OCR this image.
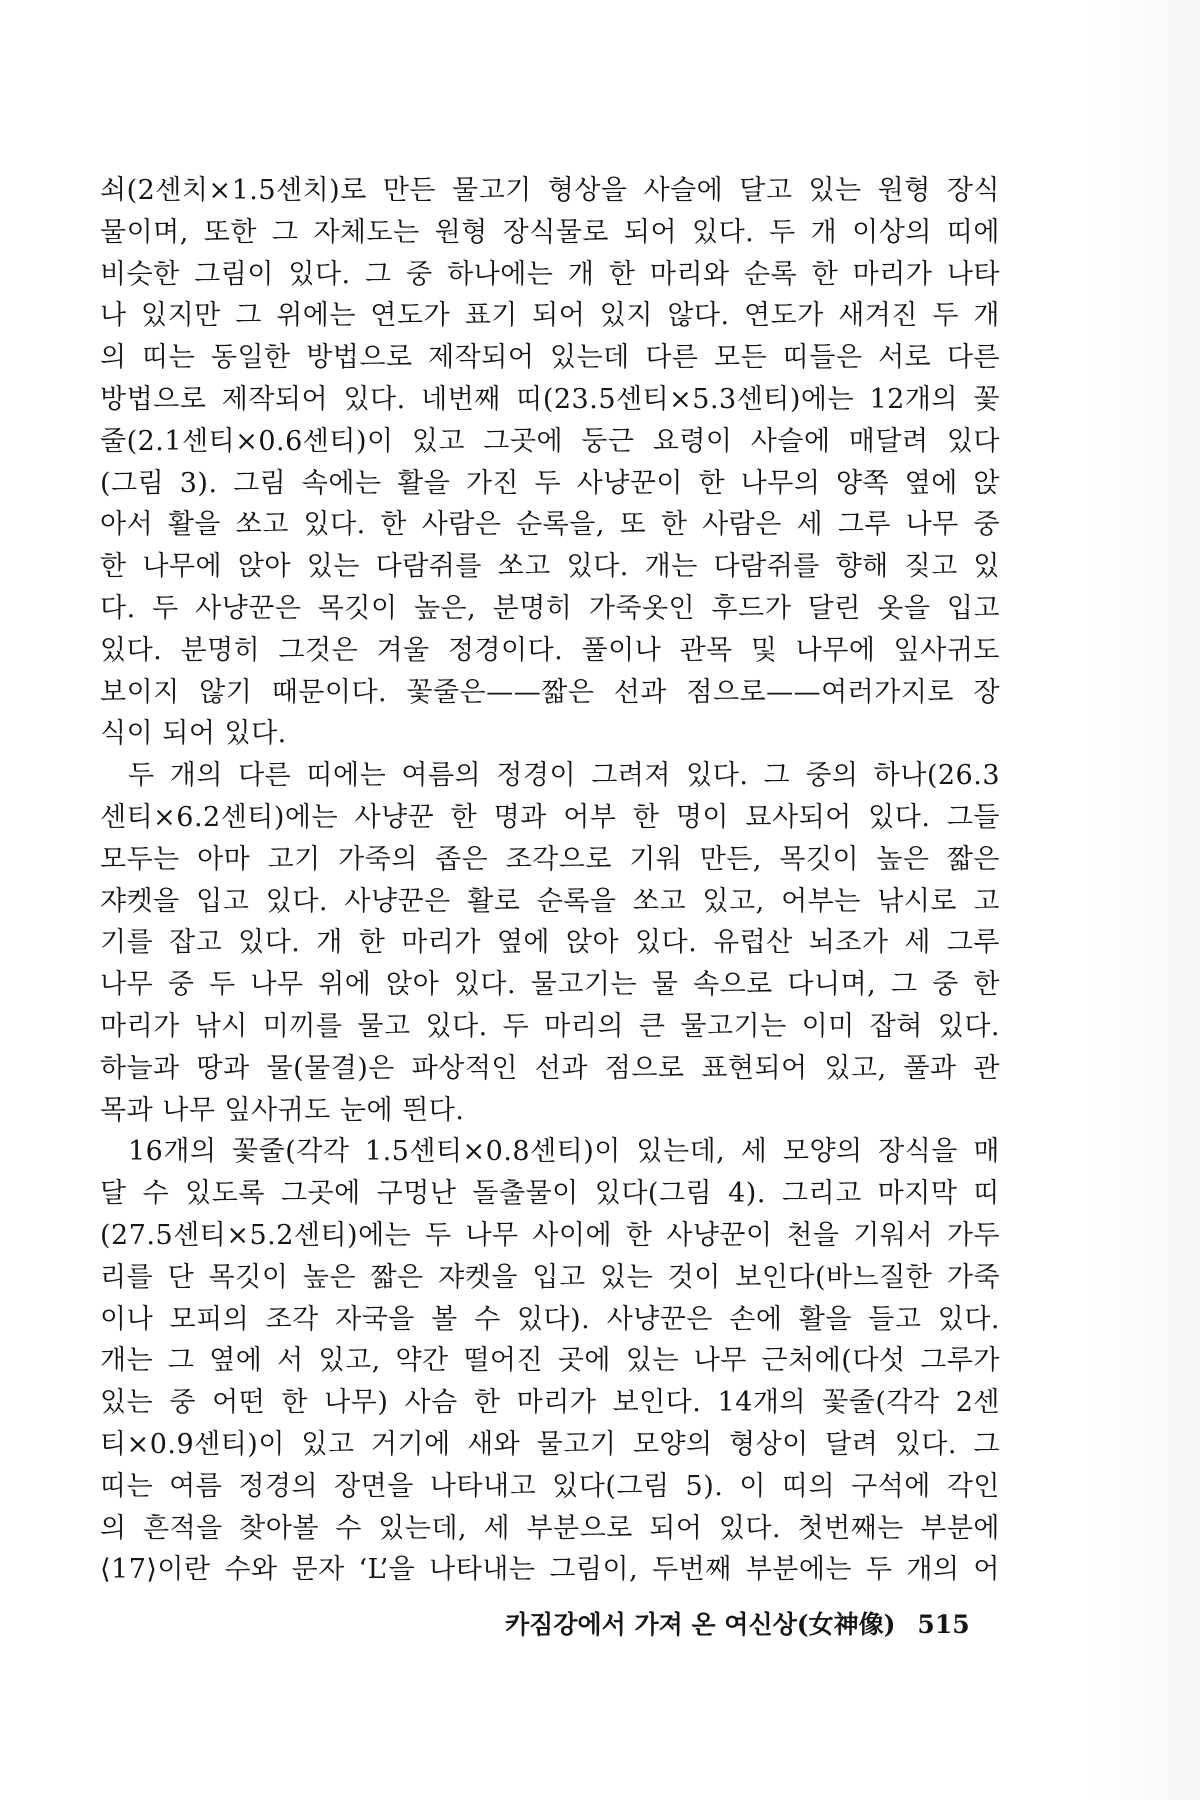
쇠(2센치×1.5센치)로 만든 물고기 형상을 사슬에 달고 있는 원형 장식
물이며, 또한 그 자체도는 원형 장식물로 되어 있다. 두 개 이상의 띠에
비슷한 그림이 있다. 그 중 하나에는 개 한 마리와 순록 한 마리가 나타
나 있지만 그 위에는 연도가 표기 되어 있지 않다. 연도가 새겨진 두 개
의 띠는 동일한 방법으로 제작되어 있는데 다른 모든 띠들은 서로 다른
방법으로 제작되어 있다. 네번째 띠(23.5센티×5.3센티)에는 12개의 꽃
줄(2.1센티×0.6센티)이 있고 그곳에 둥근 요령이 사슬에 매달려 있다
(그림 3). 그림 속에는 활을 가진 두 사냥꾼이 한 나무의 양쪽 옆에 앉
아서 활을 쏘고 있다. 한 사람은 순록을, 또 한 사람은 세 그루 나무 중
한 나무에 앉아 있는 다람쥐를 쏘고 있다. 개는 다람쥐를 향해 짖고 있
다. 두 사냥꾼은 목깃이 높은, 분명히 가죽옷인 후드가 달린 옷을 입고
있다. 분명히 그것은 겨울 정경이다. 풀이나 관목 및 나무에 잎사귀도
보이지 않기 때문이다. 꽃줄은——짧은 선과 점으로——여러가지로 장
식이 되어 있다.
두 개의 다른 띠에는 여름의 정경이 그려져 있다. 그 중의 하나(26.3
센티×6.2센티)에는 사냥꾼 한 명과 어부 한 명이 묘사되어 있다. 그들
모두는 아마 고기 가죽의 좁은 조각으로 기워 만든, 목깃이 높은 짧은
쟈켓을 입고 있다. 사냥꾼은 활로 순록을 쏘고 있고, 어부는 낚시로 고
기를 잡고 있다. 개 한 마리가 옆에 앉아 있다. 유럽산 뇌조가 세 그루
나무 중 두 나무 위에 앉아 있다. 물고기는 물 속으로 다니며, 그 중 한
마리가 낚시 미끼를 물고 있다. 두 마리의 큰 물고기는 이미 잡혀 있다.
하늘과 땅과 물(물결)은 파상적인 선과 점으로 표현되어 있고, 풀과 관
목과 나무 잎사귀도 눈에 띈다.
16개의 꽃줄(각각 1.5센티×0.8센티)이 있는데, 세 모양의 장식을 매
달 수 있도록 그곳에 구멍난 돌출물이 있다(그림 4). 그리고 마지막 띠
(27.5센티×5.2센티)에는 두 나무 사이에 한 사냥꾼이 천을 기워서 가두
리를 단 목깃이 높은 짧은 쟈켓을 입고 있는 것이 보인다(바느질한 가죽
이나 모피의 조각 자국을 볼 수 있다). 사냥꾼은 손에 활을 들고 있다.
개는 그 옆에 서 있고, 약간 떨어진 곳에 있는 나무 근처에(다섯 그루가
있는 중 어떤 한 나무) 사슴 한 마리가 보인다. 14개의 꽃줄(각각 2센
티×0.9센티)이 있고 거기에 새와 물고기 모양의 형상이 달려 있다. 그
띠는 여름 정경의 장면을 나타내고 있다(그림 5). 이 띠의 구석에 각인
의 흔적을 찾아볼 수 있는데, 세 부분으로 되어 있다. 첫번째는 부분에
⟨17⟩이란 수와 문자 ‘L’을 나타내는 그림이, 두번째 부분에는 두 개의 어
카짐강에서 가져 온 여신상(女神像) 515
